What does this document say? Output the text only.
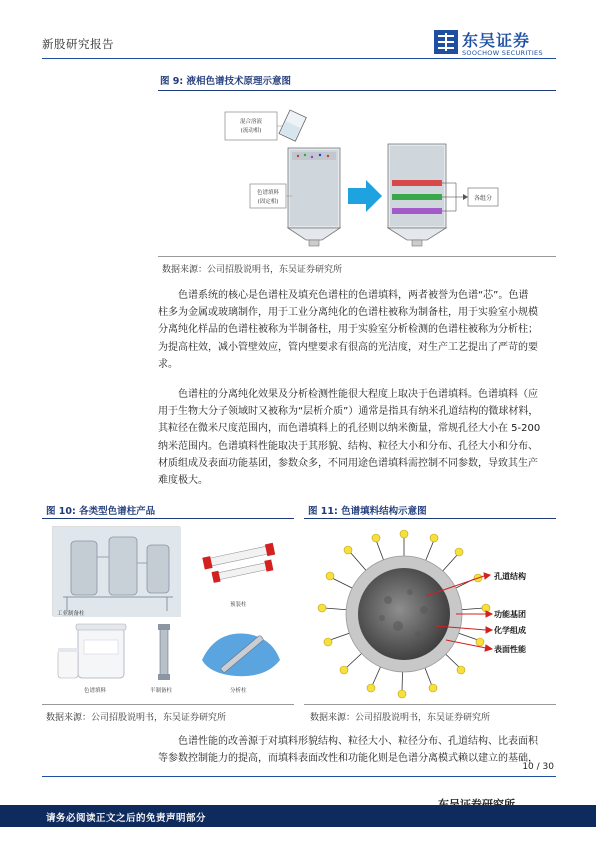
新股研究报告	东吴证券
SOOCHOW SECURITIES
图 9: 液相色谱技术原理示意图
混合溶液
(流动相)
色谱填料
(固定相)	各组分
数据来源：公司招股说明书，东吴证券研究所
色谱系统的核心是色谱柱及填充色谱柱的色谱填料，两者被誉为色谱“芯”。色谱
柱多为金属或玻璃制作，用于工业分离纯化的色谱柱被称为制备柱，用于实验室小规模
分离纯化样品的色谱柱被称为半制备柱，用于实验室分析检测的色谱柱被称为分析柱；
为提高柱效，减小管壁效应，管内壁要求有很高的光洁度，对生产工艺提出了严苛的要
求。
色谱柱的分离纯化效果及分析检测性能很大程度上取决于色谱填料。色谱填料（应
用于生物大分子领域时又被称为“层析介质”）通常是指具有纳米孔道结构的微球材料，
其粒径在微米尺度范围内，而色谱填料上的孔径则以纳米衡量，常规孔径大小在 5-200
纳米范围内。色谱填料性能取决于其形貌、结构、粒径大小和分布、孔径大小和分布、
材质组成及表面功能基团，参数众多，不同用途色谱填料需控制不同参数，导致其生产
难度极大。
图 10: 各类型色谱柱产品
工业制备柱
预装柱
色谱填料	半制备柱	分析柱
数据来源：公司招股说明书，东吴证券研究所
图 11: 色谱填料结构示意图
孔道结构
功能基团
化学组成
表面性能
数据来源：公司招股说明书，东吴证券研究所
色谱性能的改善源于对填料形貌结构、粒径大小、粒径分布、孔道结构、比表面积
等参数控制能力的提高，而填料表面改性和功能化则是色谱分离模式赖以建立的基础，
10 / 30
请务必阅读正文之后的免责声明部分
